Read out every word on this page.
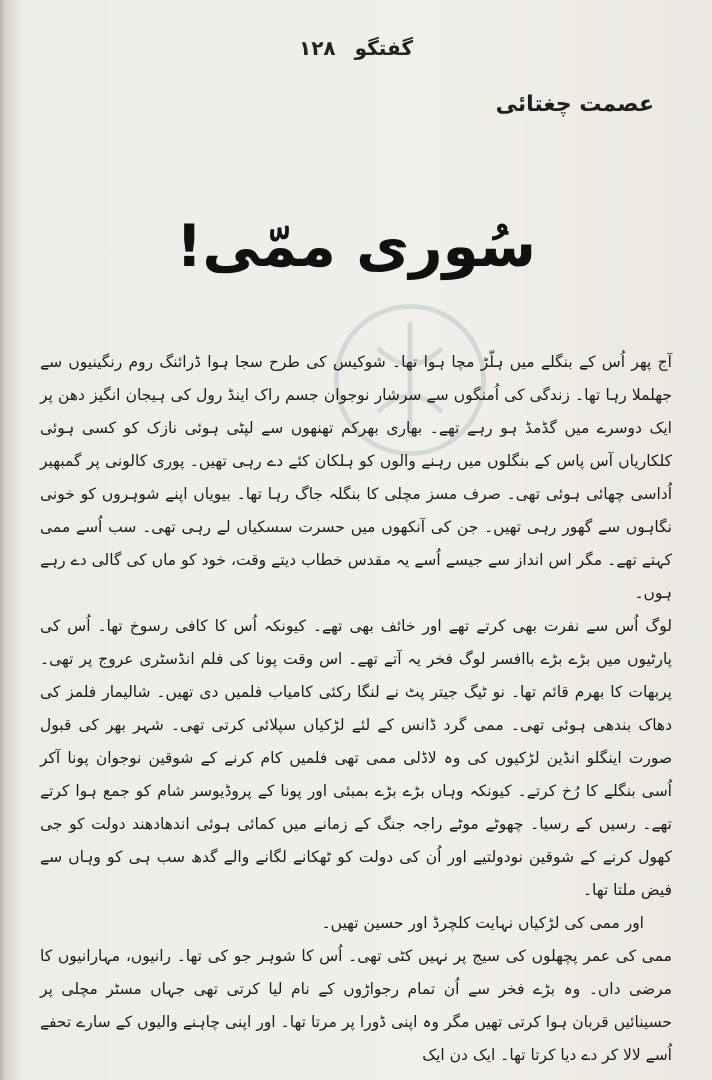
گفتگو ۱۲۸
عصمت چغتائی
سُوری ممّی!

آج پھر اُس کے بنگلے میں ہلّڑ مچا ہوا تھا۔ شوکیس کی طرح سجا ہوا ڈرائنگ روم رنگینیوں سے جھلملا رہا تھا۔ زندگی کی اُمنگوں سے سرشار نوجوان جسم راک اینڈ رول کی ہیجان انگیز دھن پر ایک دوسرے میں گڈمڈ ہو رہے تھے۔ بھاری بھرکم تھنھوں سے لپٹی ہوئی نازک کو کسی ہوئی کلکاریاں آس پاس کے بنگلوں میں رہنے والوں کو ہلکان کئے دے رہی تھیں۔ پوری کالونی پر گمبھیر اُداسی چھائی ہوئی تھی۔ صرف مسز مچلی کا بنگلہ جاگ رہا تھا۔ بیویاں اپنے شوہروں کو خونی نگاہوں سے گھور رہی تھیں۔ جن کی آنکھوں میں حسرت سسکیاں لے رہی تھی۔ سب اُسے ممی کہتے تھے۔ مگر اس انداز سے جیسے اُسے یہ مقدس خطاب دیتے وقت، خود کو ماں کی گالی دے رہے ہوں۔

لوگ اُس سے نفرت بھی کرتے تھے اور خائف بھی تھے۔ کیونکہ اُس کا کافی رسوخ تھا۔ اُس کی پارٹیوں میں بڑے بڑے باافسر لوگ فخر یہ آتے تھے۔ اس وقت پونا کی فلم انڈسٹری عروج پر تھی۔ پربھات کا بھرم قائم تھا۔ نو ٹیگ جیتر پٹ نے لنگا رکئی کامیاب فلمیں دی تھیں۔ شالیمار فلمز کی دھاک بندھی ہوئی تھی۔ ممی گرد ڈانس کے لئے لڑکیاں سپلائی کرتی تھی۔ شہر بھر کی قبول صورت اینگلو انڈین لڑکیوں کی وہ لاڈلی ممی تھی فلمیں کام کرنے کے شوقین نوجوان پونا آکر اُسی بنگلے کا رُخ کرتے۔ کیونکہ وہاں بڑے بڑے بمبئی اور پونا کے پروڈیوسر شام کو جمع ہوا کرتے تھے۔ رسیں کے رسیا۔ چھوٹے موٹے راجہ جنگ کے زمانے میں کمائی ہوئی اندھادھند دولت کو جی کھول کرنے کے شوقین نودولتیے اور اُن کی دولت کو ٹھکانے لگانے والے گدھ سب ہی کو وہاں سے فیض ملتا تھا۔

اور ممی کی لڑکیاں نہایت کلچرڈ اور حسین تھیں۔

ممی کی عمر پچھلوں کی سیج پر نہیں کٹی تھی۔ اُس کا شوہر جو کی تھا۔ رانیوں، مہارانیوں کا مرضی داں۔ وہ بڑے فخر سے اُن تمام رجواڑوں کے نام لیا کرتی تھی جہاں مسٹر مچلی پر حسینائیں قربان ہوا کرتی تھیں مگر وہ اپنی ڈورا پر مرتا تھا۔ اور اپنی چاہنے والیوں کے سارے تحفے اُسے لالا کر دے دیا کرتا تھا۔ ایک دن ایک
